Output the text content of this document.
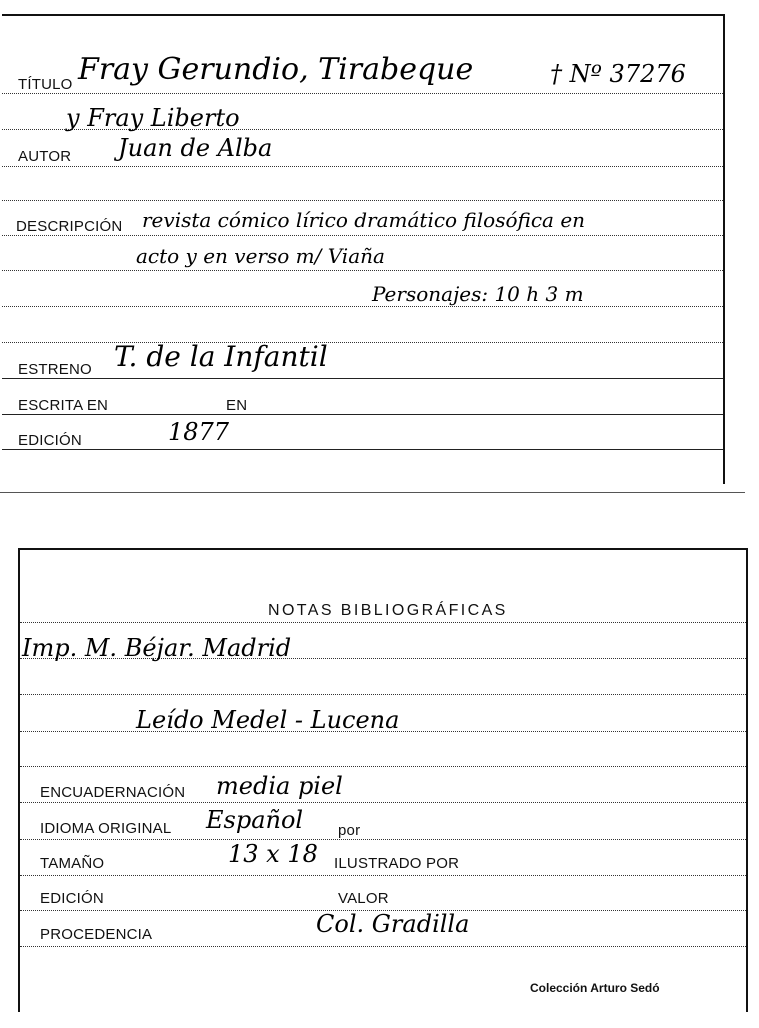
TÍTULO Fray Gerundio, Tirabeque	† Nº 37276
y Fray Liberto
AUTOR Juan de Alba
DESCRIPCIÓN revista cómico lírico dramático filosófica en
acto y en verso m/ Viaña
Personajes: 10 h 3 m
ESTRENO T. de la Infantil
ESCRITA EN	EN
EDICIÓN	1877
NOTAS BIBLIOGRÁFICAS
Imp. M. Béjar. Madrid
Leído Medel - Lucena
ENCUADERNACIÓN media piel
IDIOMA ORIGINAL Español por
TAMAÑO	13 x 18 ILUSTRADO POR
EDICIÓN	VALOR
PROCEDENCIA	Col. Gradilla
Colección Arturo Sedó
